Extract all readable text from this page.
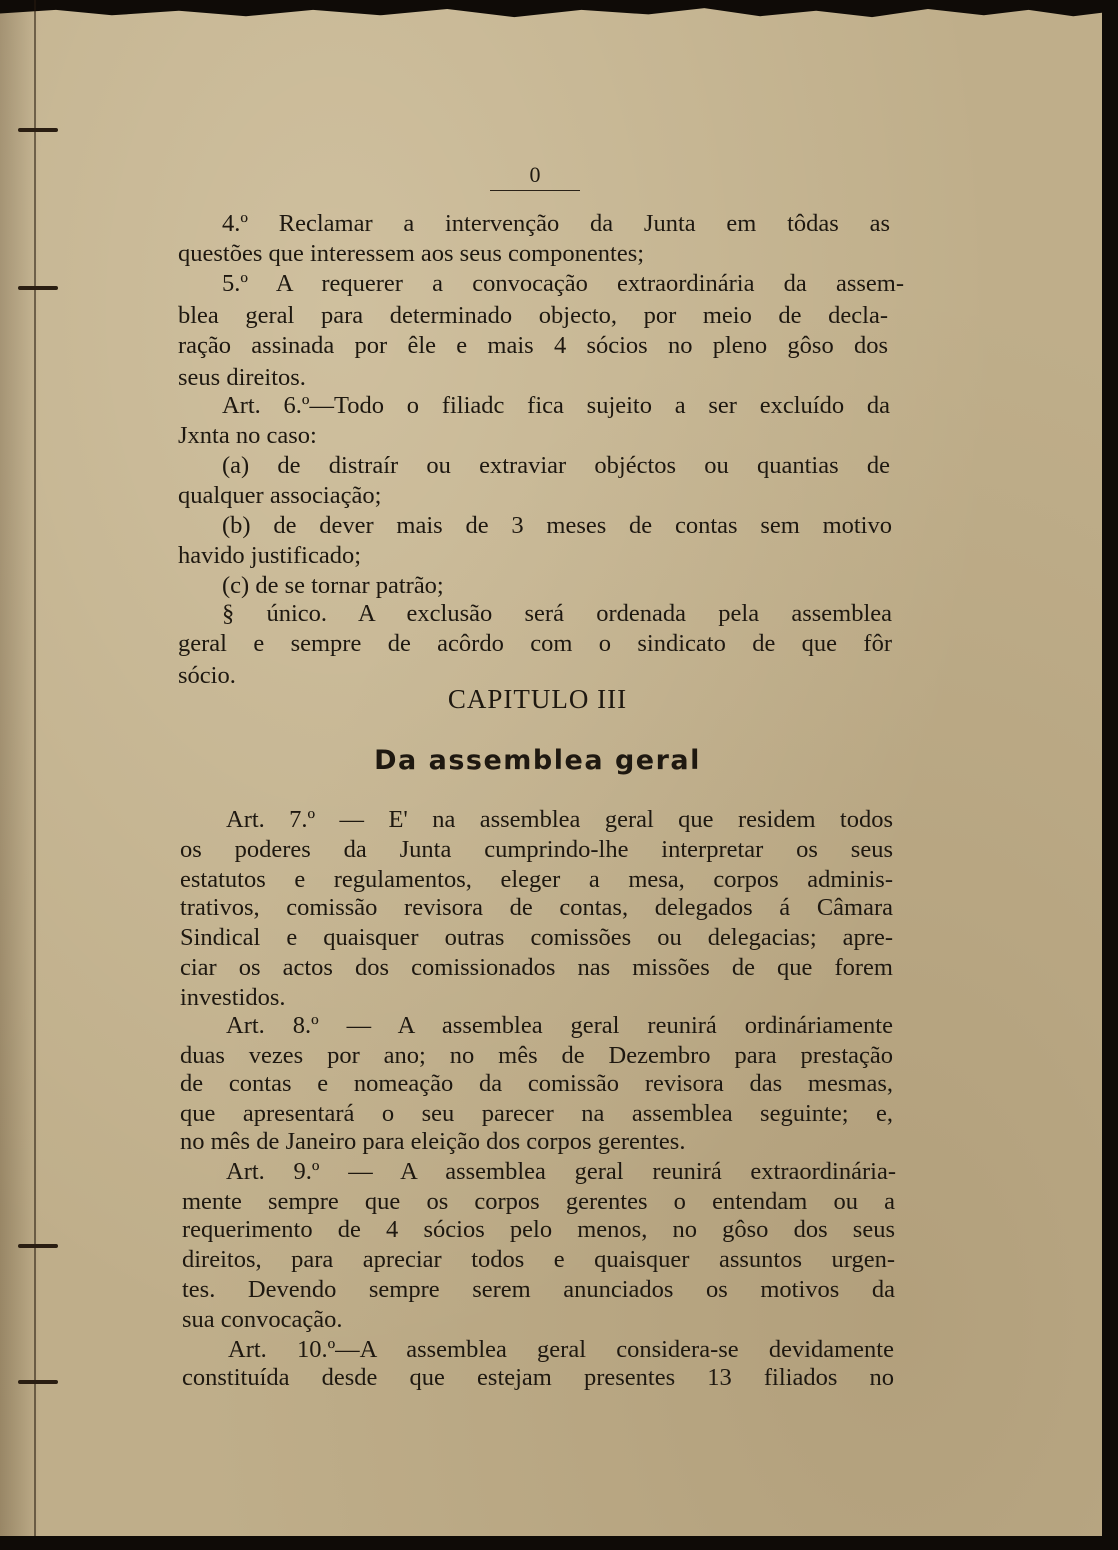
0
4.º Reclamar a intervenção da Junta em tôdas as
questões que interessem aos seus componentes;
5.º A requerer a convocação extraordinária da assem-
blea geral para determinado objecto, por meio de decla-
ração assinada por êle e mais 4 sócios no pleno gôso dos
seus direitos.
Art. 6.º—Todo o filiadc fica sujeito a ser excluído da
Jxnta no caso:
(a) de distraír ou extraviar objéctos ou quantias de
qualquer associação;
(b) de dever mais de 3 meses de contas sem motivo
havido justificado;
(c) de se tornar patrão;
§ único. A exclusão será ordenada pela assemblea
geral e sempre de acôrdo com o sindicato de que fôr
sócio.
CAPITULO III
Da assemblea geral
Art. 7.º — E' na assemblea geral que residem todos
os poderes da Junta cumprindo-lhe interpretar os seus
estatutos e regulamentos, eleger a mesa, corpos adminis-
trativos, comissão revisora de contas, delegados á Câmara
Sindical e quaisquer outras comissões ou delegacias; apre-
ciar os actos dos comissionados nas missões de que forem
investidos.
Art. 8.º — A assemblea geral reunirá ordináriamente
duas vezes por ano; no mês de Dezembro para prestação
de contas e nomeação da comissão revisora das mesmas,
que apresentará o seu parecer na assemblea seguinte; e,
no mês de Janeiro para eleição dos corpos gerentes.
Art. 9.º — A assemblea geral reunirá extraordinária-
mente sempre que os corpos gerentes o entendam ou a
requerimento de 4 sócios pelo menos, no gôso dos seus
direitos, para apreciar todos e quaisquer assuntos urgen-
tes. Devendo sempre serem anunciados os motivos da
sua convocação.
Art. 10.º—A assemblea geral considera-se devidamente
constituída desde que estejam presentes 13 filiados no
